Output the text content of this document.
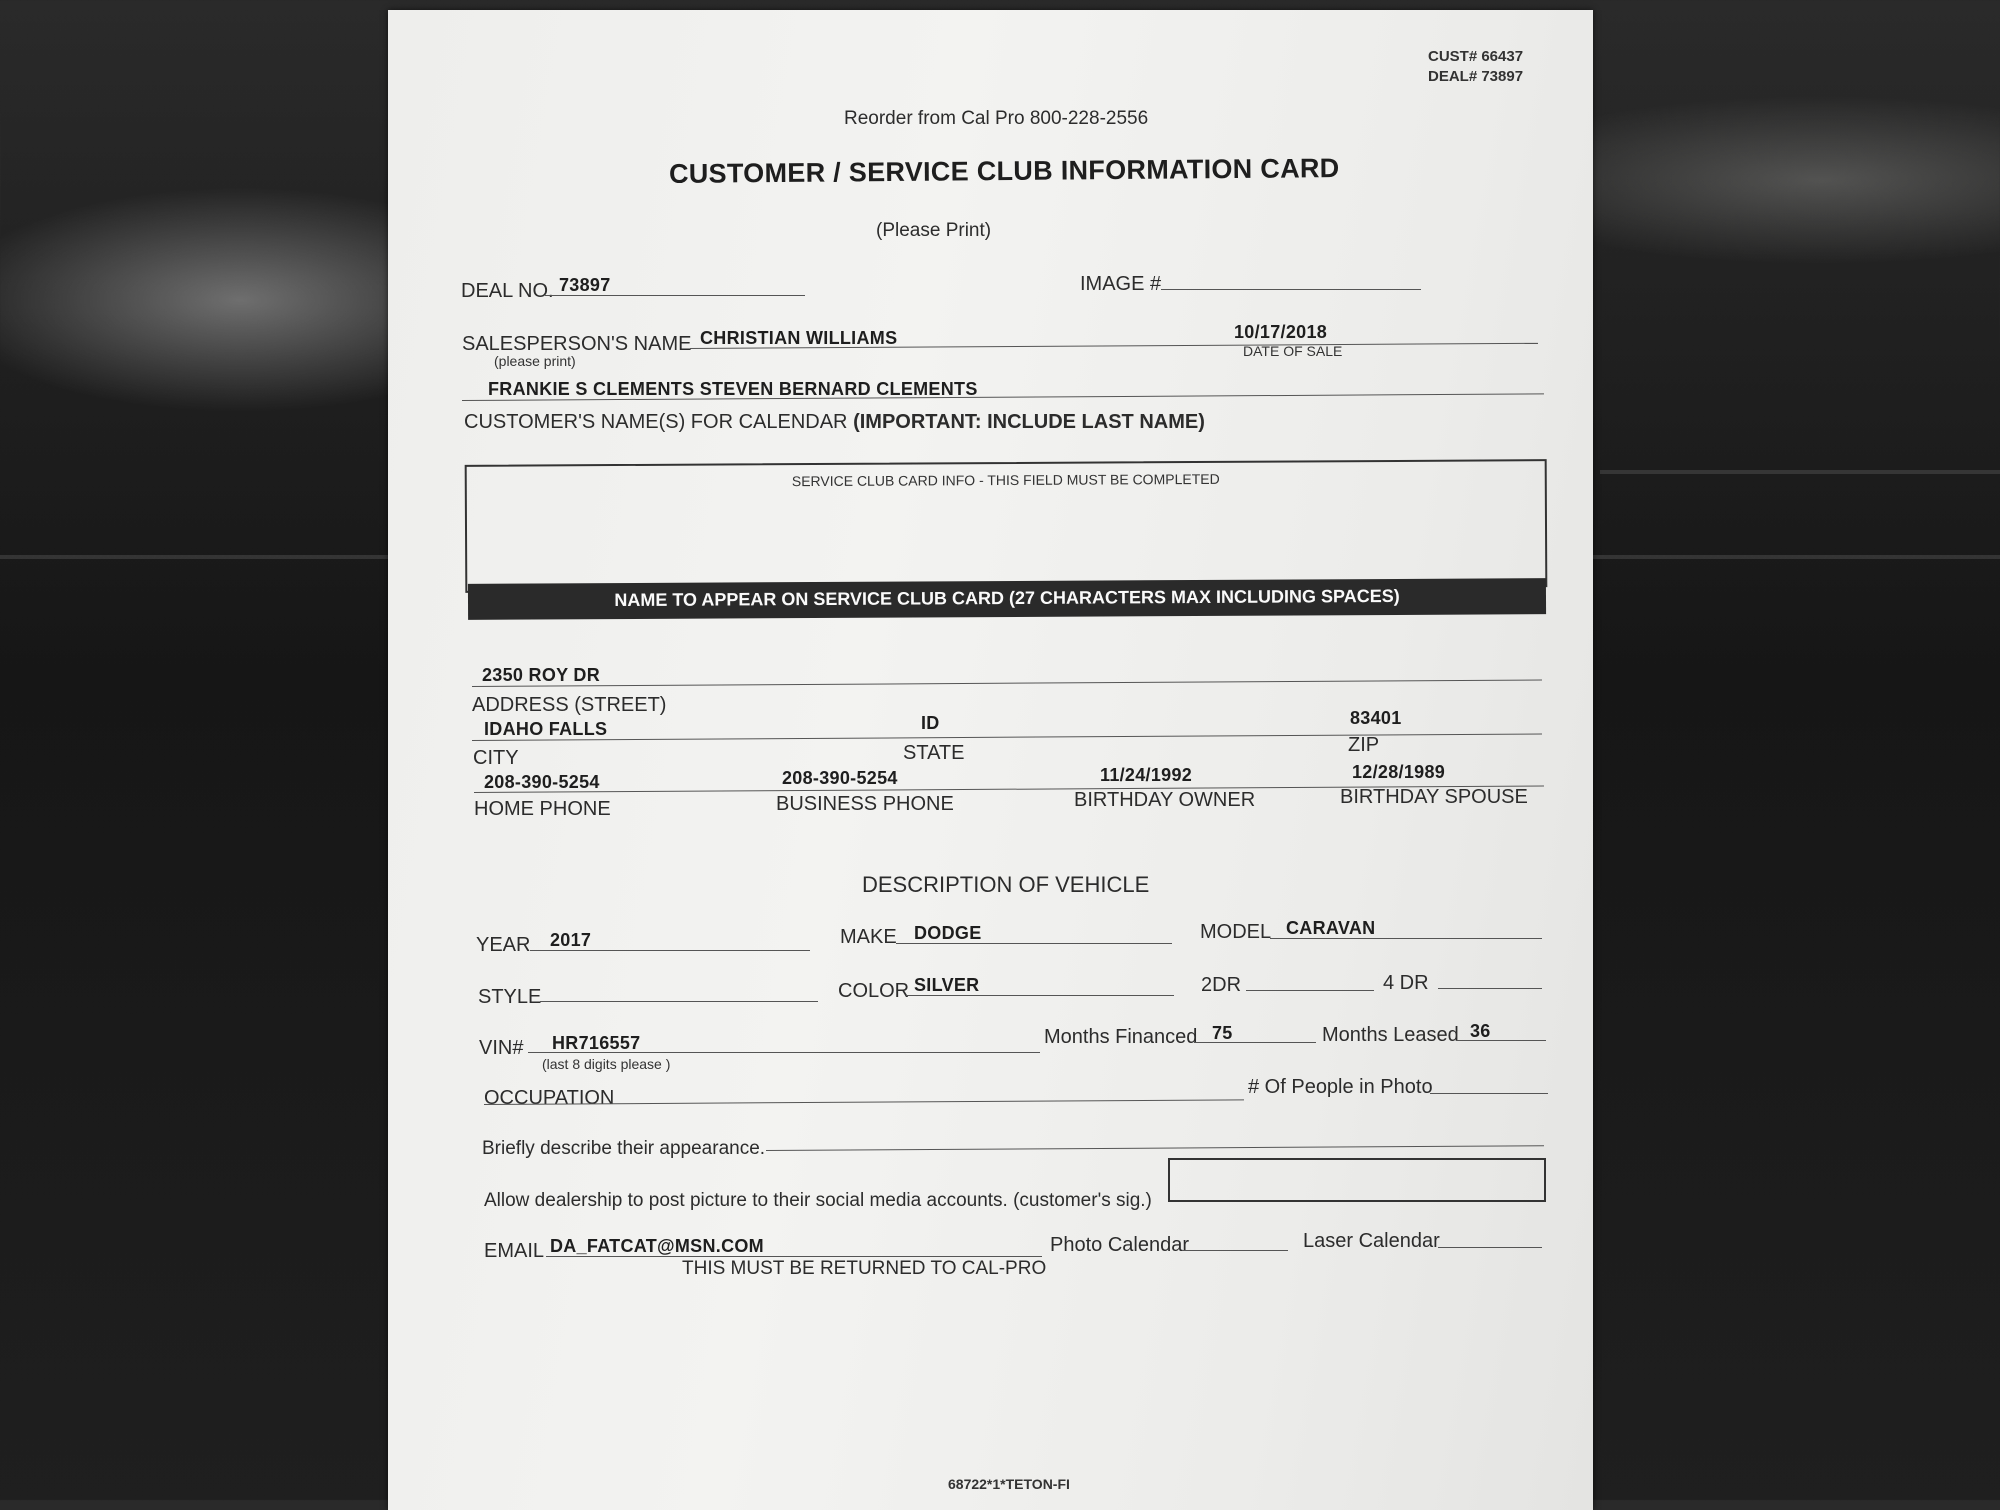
CUST# 66437
DEAL# 73897
Reorder from Cal Pro 800-228-2556
CUSTOMER / SERVICE CLUB INFORMATION CARD
(Please Print)
DEAL NO. 73897	IMAGE #
SALESPERSON'S NAME
(please print)
CHRISTIAN WILLIAMS	10/17/2018
DATE OF SALE
FRANKIE S CLEMENTS STEVEN BERNARD CLEMENTS
CUSTOMER'S NAME(S) FOR CALENDAR (IMPORTANT: INCLUDE LAST NAME)
SERVICE CLUB CARD INFO - THIS FIELD MUST BE COMPLETED
NAME TO APPEAR ON SERVICE CLUB CARD (27 CHARACTERS MAX INCLUDING SPACES)
2350 ROY DR
ADDRESS (STREET)
IDAHO FALLS
CITY
ID
STATE
83401
ZIP
208-390-5254
HOME PHONE
208-390-5254
BUSINESS PHONE
11/24/1992
BIRTHDAY OWNER
12/28/1989
BIRTHDAY SPOUSE
DESCRIPTION OF VEHICLE
YEAR 2017	MAKE DODGE	MODEL CARAVAN
STYLE	COLOR SILVER	2DR	4 DR
VIN# HR716557
(last 8 digits please )
Months Financed 75	Months Leased 36
OCCUPATION	# Of People in Photo
Briefly describe their appearance.
Allow dealership to post picture to their social media accounts. (customer's sig.)
EMAIL DA_FATCAT@MSN.COM	Photo Calendar	Laser Calendar
THIS MUST BE RETURNED TO CAL-PRO
68722*1*TETON-FI
